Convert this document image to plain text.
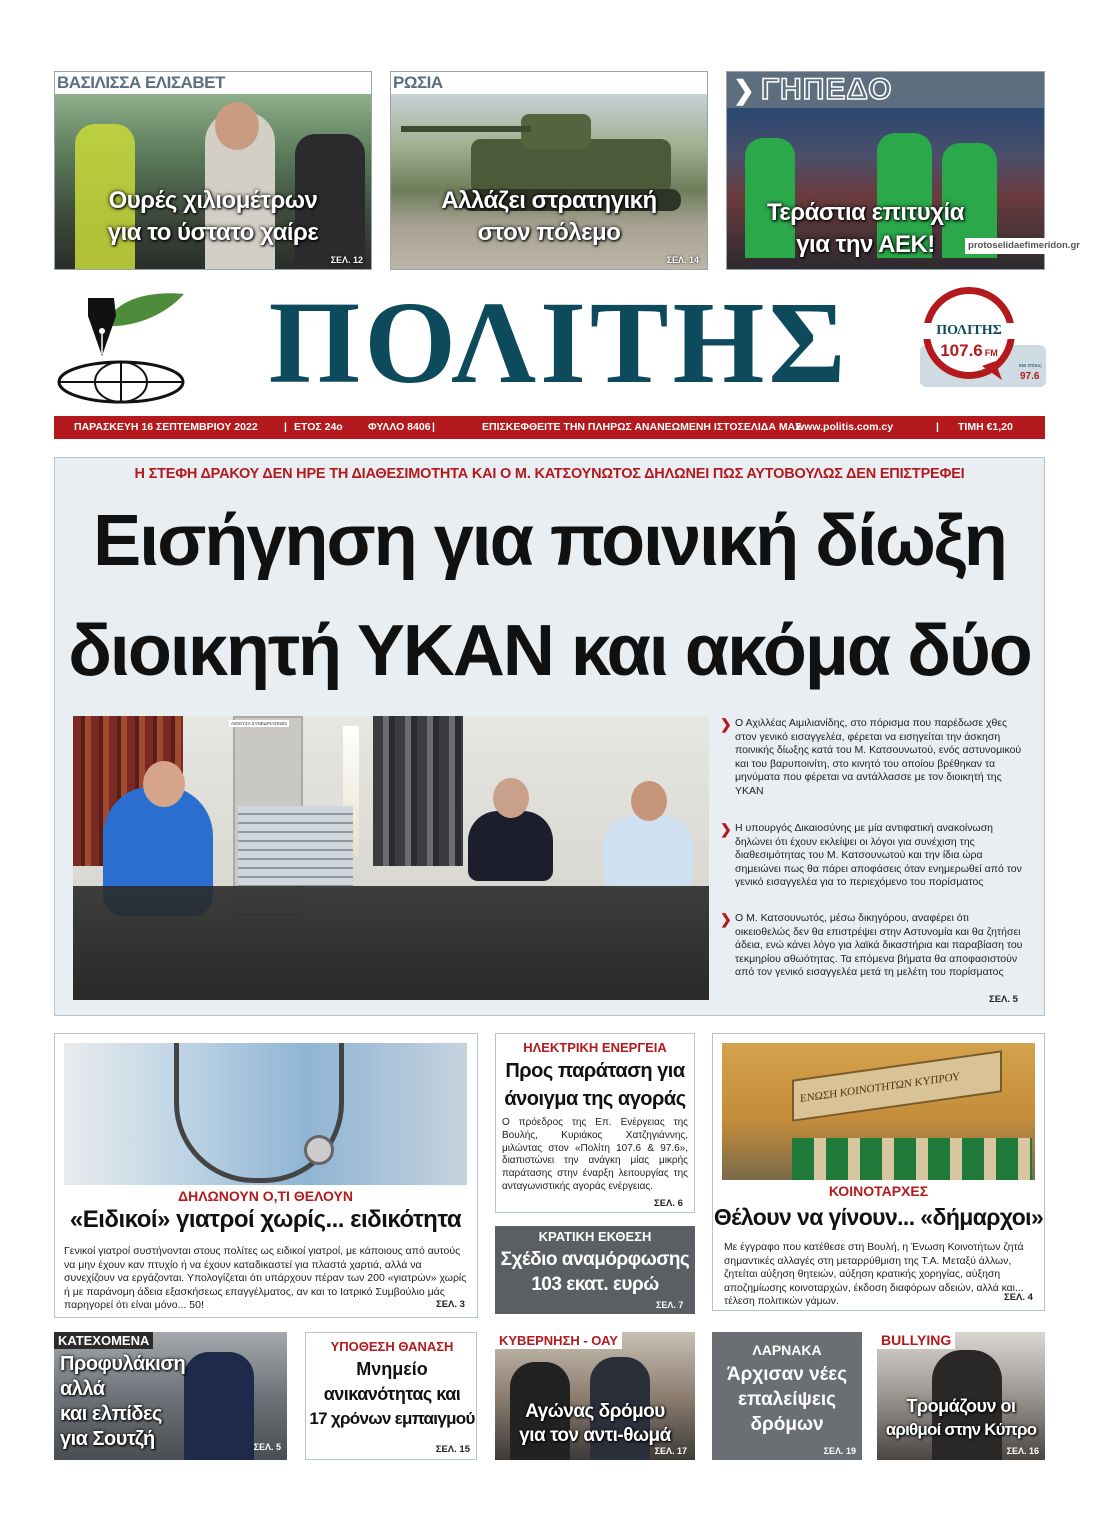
ΒΑΣΙΛΙΣΣΑ ΕΛΙΣΑΒΕΤ
Ουρές χιλιομέτρων
για το ύστατο χαίρε
ΣΕΛ. 12
ΡΩΣΙΑ
Αλλάζει στρατηγική
στον πόλεμο
ΣΕΛ. 14
❯ ΓΗΠΕΔΟ
Τεράστια επιτυχία
για την ΑΕΚ!	protoselidaefimeridon.gr
ΠΟΛΙΤΗΣ	ΠΟΛΙΤΗΣ
107.6 FM
και στους
97.6
ΠΑΡΑΣΚΕΥΗ 16 ΣΕΠΤΕΜΒΡΙΟΥ 2022	| ΕΤΟΣ 24ο ΦΥΛΛΟ 8406 |	ΕΠΙΣΚΕΦΘΕΙΤΕ ΤΗΝ ΠΛΗΡΩΣ ΑΝΑΝΕΩΜΕΝΗ ΙΣΤΟΣΕΛΙΔΑ ΜΑΣ
www.politis.com.cy	| ΤΙΜΗ €1,20
Η ΣΤΕΦΗ ΔΡΑΚΟΥ ΔΕΝ ΗΡΕ ΤΗ ΔΙΑΘΕΣΙΜΟΤΗΤΑ ΚΑΙ Ο Μ. ΚΑΤΣΟΥΝΩΤΟΣ ΔΗΛΩΝΕΙ ΠΩΣ ΑΥΤΟΒΟΥΛΩΣ ΔΕΝ ΕΠΙΣΤΡΕΦΕΙ
Εισήγηση για ποινική δίωξη
διοικητή ΥΚΑΝ και ακόμα δύο
ΑΙΘΟΥΣΑ ΣΥΝΕΔΡΙΑΣΕΩΝ	❯ Ο Αχιλλέας Αιμιλιανίδης, στο πόρισμα που παρέδωσε χθες στον γενικό εισαγγελέα, φέρεται να εισηγείται την άσκηση ποινικής δίωξης κατά του Μ. Κατσουνωτού, ενός αστυνομικού και του βαρυποινίτη, στο κινητό του οποίου βρέθηκαν τα μηνύματα που φέρεται να αντάλλασσε με τον διοικητή της ΥΚΑΝ
❯ Η υπουργός Δικαιοσύνης με μία αντιφατική ανακοίνωση δηλώνει ότι έχουν εκλείψει οι λόγοι για συνέχιση της διαθεσιμότητας του Μ. Κατσουνωτού και την ίδια ώρα σημειώνει πως θα πάρει αποφάσεις όταν ενημερωθεί από τον γενικό εισαγγελέα για το περιεχόμενο του πορίσματος
❯ Ο Μ. Κατσουνωτός, μέσω δικηγόρου, αναφέρει ότι οικειοθελώς δεν θα επιστρέψει στην Αστυνομία και θα ζητήσει άδεια, ενώ κάνει λόγο για λαϊκά δικαστήρια και παραβίαση του τεκμηρίου αθωότητας. Τα επόμενα βήματα θα αποφασιστούν από τον γενικό εισαγγελέα μετά τη μελέτη του πορίσματος
ΣΕΛ. 5
ΔΗΛΩΝΟΥΝ Ο,ΤΙ ΘΕΛΟΥΝ
«Ειδικοί» γιατροί χωρίς... ειδικότητα
Γενικοί γιατροί συστήνονται στους πολίτες ως ειδικοί γιατροί, με κάποιους από αυτούς να μην έχουν καν πτυχίο ή να έχουν καταδικαστεί για πλαστά χαρτιά, αλλά να συνεχίζουν να εργάζονται. Υπολογίζεται ότι υπάρχουν πέραν των 200 «γιατρών» χωρίς ή με παράνομη άδεια εξασκήσεως επαγγέλματος, αν και το Ιατρικό Συμβούλιο μάς παρηγορεί ότι είναι μόνο... 50!	ΣΕΛ. 3
ΗΛΕΚΤΡΙΚΗ ΕΝΕΡΓΕΙΑ
Προς παράταση για
άνοιγμα της αγοράς
Ο πρόεδρος της Επ. Ενέργειας της Βουλής, Κυριάκος Χατζηγιάννης, μιλώντας στον «Πολίτη 107.6 & 97.6», διαπιστώνει την ανάγκη μίας μικρής παράτασης στην έναρξη λειτουργίας της ανταγωνιστικής αγοράς ενέργειας.
ΣΕΛ. 6
ΚΡΑΤΙΚΗ ΕΚΘΕΣΗ
Σχέδιο αναμόρφωσης
103 εκατ. ευρώ
ΣΕΛ. 7
ΕΝΩΣΗ ΚΟΙΝΟΤΗΤΩΝ ΚΥΠΡΟΥ
ΚΟΙΝΟΤΑΡΧΕΣ
Θέλουν να γίνουν... «δήμαρχοι»
Με έγγραφο που κατέθεσε στη Βουλή, η Ένωση Κοινοτήτων ζητά σημαντικές αλλαγές στη μεταρρύθμιση της Τ.Α. Μεταξύ άλλων, ζητείται αύξηση θητειών, αύξηση κρατικής χορηγίας, αύξηση αποζημίωσης κοινοταρχών, έκδοση διαφόρων αδειών, αλλά και... τέλεση πολιτικών γάμων.	ΣΕΛ. 4
ΚΑΤΕΧΟΜΕΝΑ
Προφυλάκιση
αλλά
και ελπίδες
για Σουτζή	ΣΕΛ. 5
ΥΠΟΘΕΣΗ ΘΑΝΑΣΗ
Μνημείο
ανικανότητας και
17 χρόνων εμπαιγμού
ΣΕΛ. 15
ΚΥΒΕΡΝΗΣΗ - ΟΑΥ
Αγώνας δρόμου
για τον αντι-θωμά
ΣΕΛ. 17
ΛΑΡΝΑΚΑ
Άρχισαν νέες
επαλείψεις
δρόμων
ΣΕΛ. 19
BULLYING
Τρομάζουν οι
αριθμοί στην Κύπρο
ΣΕΛ. 16
